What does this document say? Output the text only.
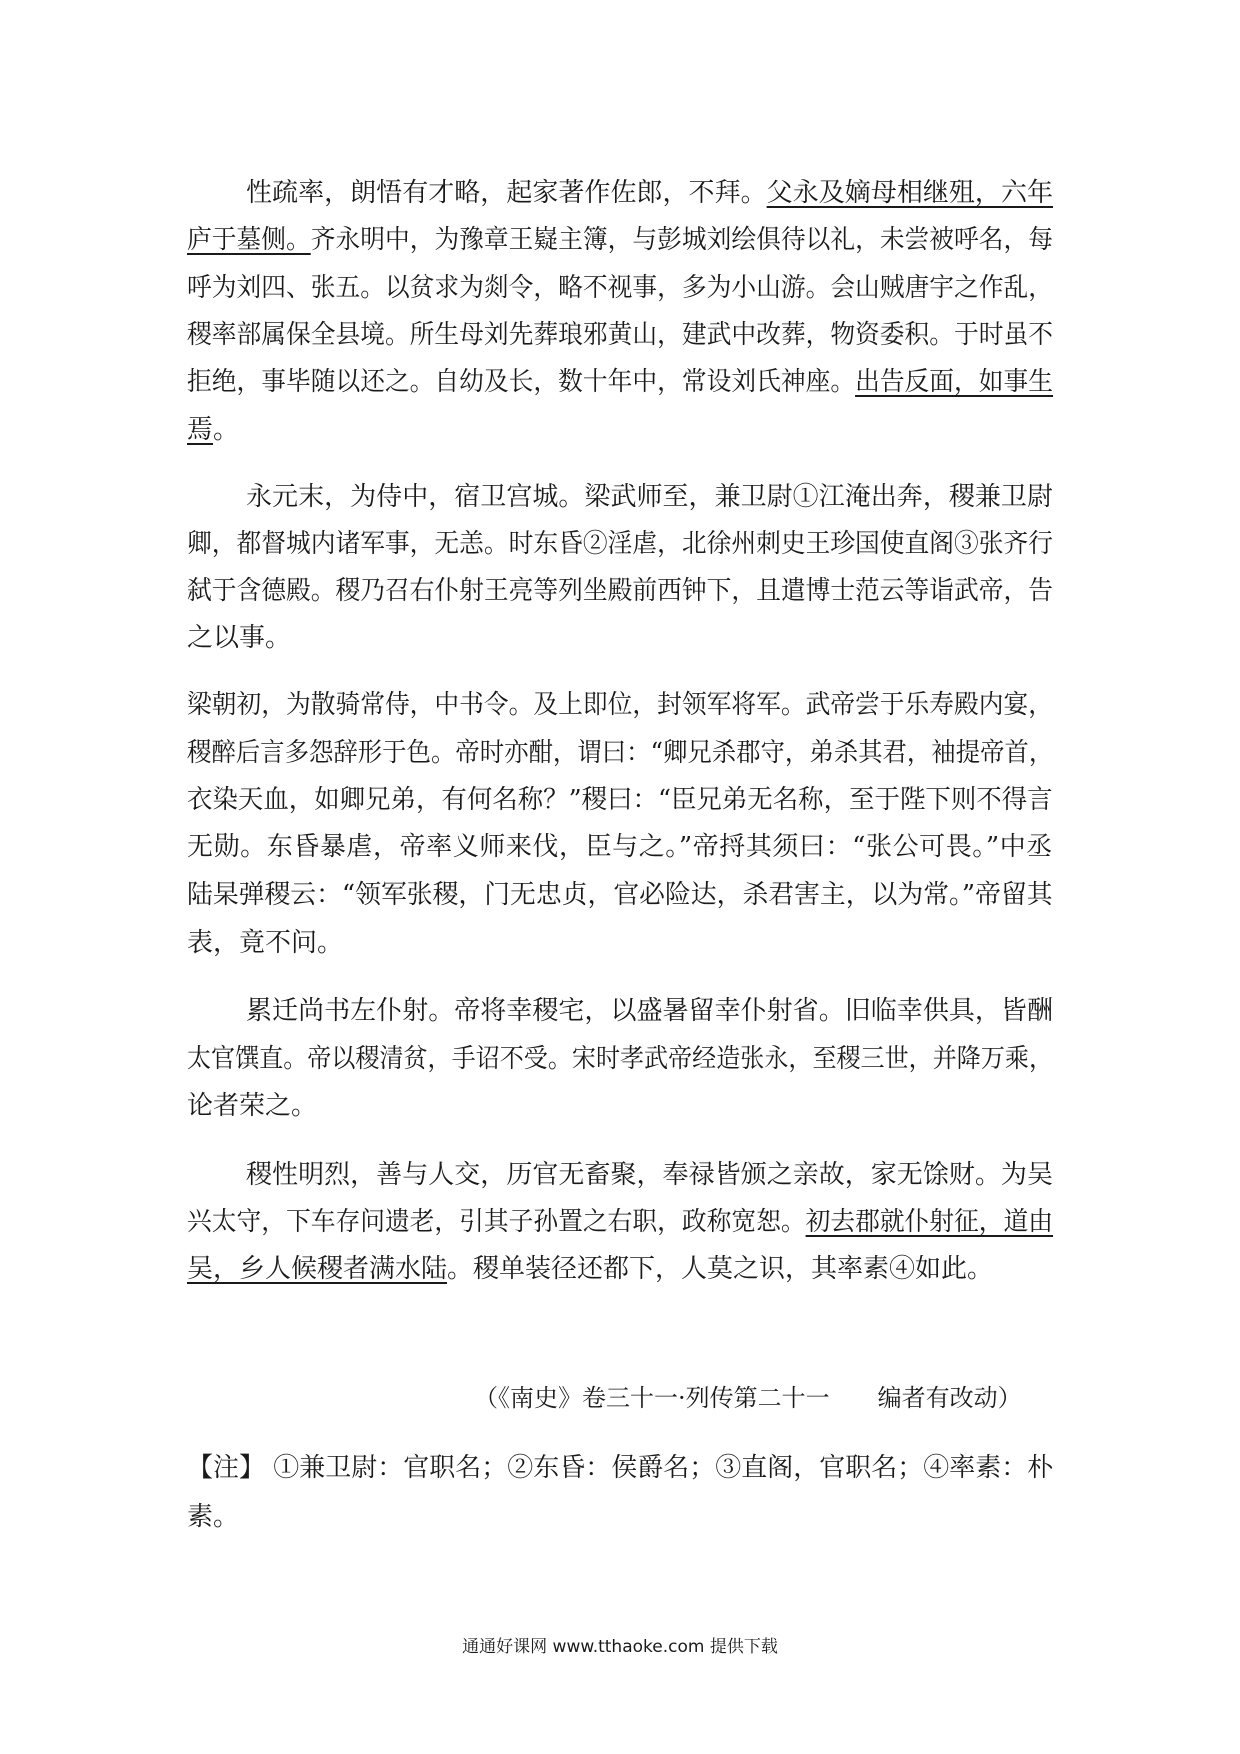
性疏率，朗悟有才略，起家著作佐郎，不拜。父永及嫡母相继殂，六年
庐于墓侧。齐永明中，为豫章王嶷主簿，与彭城刘绘俱待以礼，未尝被呼名，每
呼为刘四、张五。以贫求为剡令，略不视事，多为小山游。会山贼唐宇之作乱，
稷率部属保全县境。所生母刘先葬琅邪黄山，建武中改葬，物资委积。于时虽不
拒绝，事毕随以还之。自幼及长，数十年中，常设刘氏神座。出告反面，如事生
焉。
永元末，为侍中，宿卫宫城。梁武师至，兼卫尉①江淹出奔，稷兼卫尉
卿，都督城内诸军事，无恙。时东昏②淫虐，北徐州刺史王珍国使直阁③张齐行
弑于含德殿。稷乃召右仆射王亮等列坐殿前西钟下，且遣博士范云等诣武帝，告
之以事。
梁朝初，为散骑常侍，中书令。及上即位，封领军将军。武帝尝于乐寿殿内宴，
稷醉后言多怨辞形于色。帝时亦酣，谓曰：“卿兄杀郡守，弟杀其君，袖提帝首，
衣染天血，如卿兄弟，有何名称？”稷曰：“臣兄弟无名称，至于陛下则不得言
无勋。东昏暴虐，帝率义师来伐，臣与之。”帝捋其须曰：“张公可畏。”中丞
陆杲弹稷云：“领军张稷，门无忠贞，官必险达，杀君害主，以为常。”帝留其
表，竟不问。
累迁尚书左仆射。帝将幸稷宅，以盛暑留幸仆射省。旧临幸供具，皆酬
太官馔直。帝以稷清贫，手诏不受。宋时孝武帝经造张永，至稷三世，并降万乘，
论者荣之。
稷性明烈，善与人交，历官无畜聚，奉禄皆颁之亲故，家无馀财。为吴
兴太守，下车存问遗老，引其子孙置之右职，政称宽恕。初去郡就仆射征，道由
吴，乡人候稷者满水陆。稷单装径还都下，人莫之识，其率素④如此。
【注】 ①兼卫尉：官职名；②东昏：侯爵名；③直阁，官职名；④率素：朴
素。
（《南史》卷三十一·列传第二十一　　编者有改动）
通通好课网 www.tthaoke.com 提供下载
